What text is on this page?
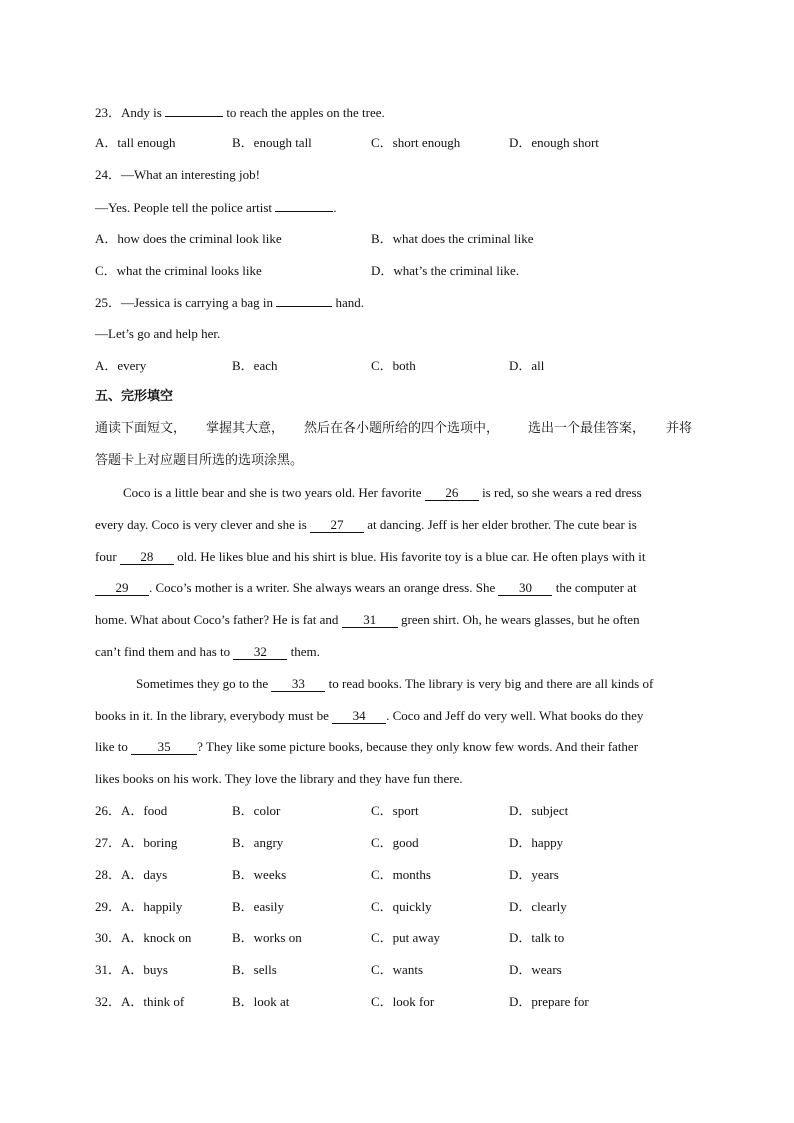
23．Andy is	to reach the apples on the tree.
A．tall enough	B．enough tall	C．short enough	D．enough short
24．—What an interesting job!
—Yes. People tell the police artist	.
A．how does the criminal look like	B．what does the criminal like
C．what the criminal looks like	D．what’s the criminal like.
25．—Jessica is carrying a bag in	hand.
—Let’s go and help her.
A．every	B．each	C．both	D．all
五、完形填空
通读下面短文， 掌握其大意， 然后在各小题所给的四个选项中， 选出一个最佳答案， 并将
答题卡上对应题目所选的选项涂黑。
Coco is a little bear and she is two years old. Her favorite 26 is red, so she wears a red dress
every day. Coco is very clever and she is 27 at dancing. Jeff is her elder brother. The cute bear is
four 28 old. He likes blue and his shirt is blue. His favorite toy is a blue car. He often plays with it
29 . Coco’s mother is a writer. She always wears an orange dress. She 30 the computer at
home. What about Coco’s father? He is fat and 31 green shirt. Oh, he wears glasses, but he often
can’t find them and has to 32 them.
Sometimes they go to the 33 to read books. The library is very big and there are all kinds of
books in it. In the library, everybody must be 34 . Coco and Jeff do very well. What books do they
like to 35 ? They like some picture books, because they only know few words. And their father
likes books on his work. They love the library and they have fun there.
26．A．food	B．color	C．sport	D．subject
27．A．boring	B．angry	C．good	D．happy
28．A．days	B．weeks	C．months	D．years
29．A．happily	B．easily	C．quickly	D．clearly
30．A．knock on	B．works on	C．put away	D．talk to
31．A．buys	B．sells	C．wants	D．wears
32．A．think of	B．look at	C．look for	D．prepare for
